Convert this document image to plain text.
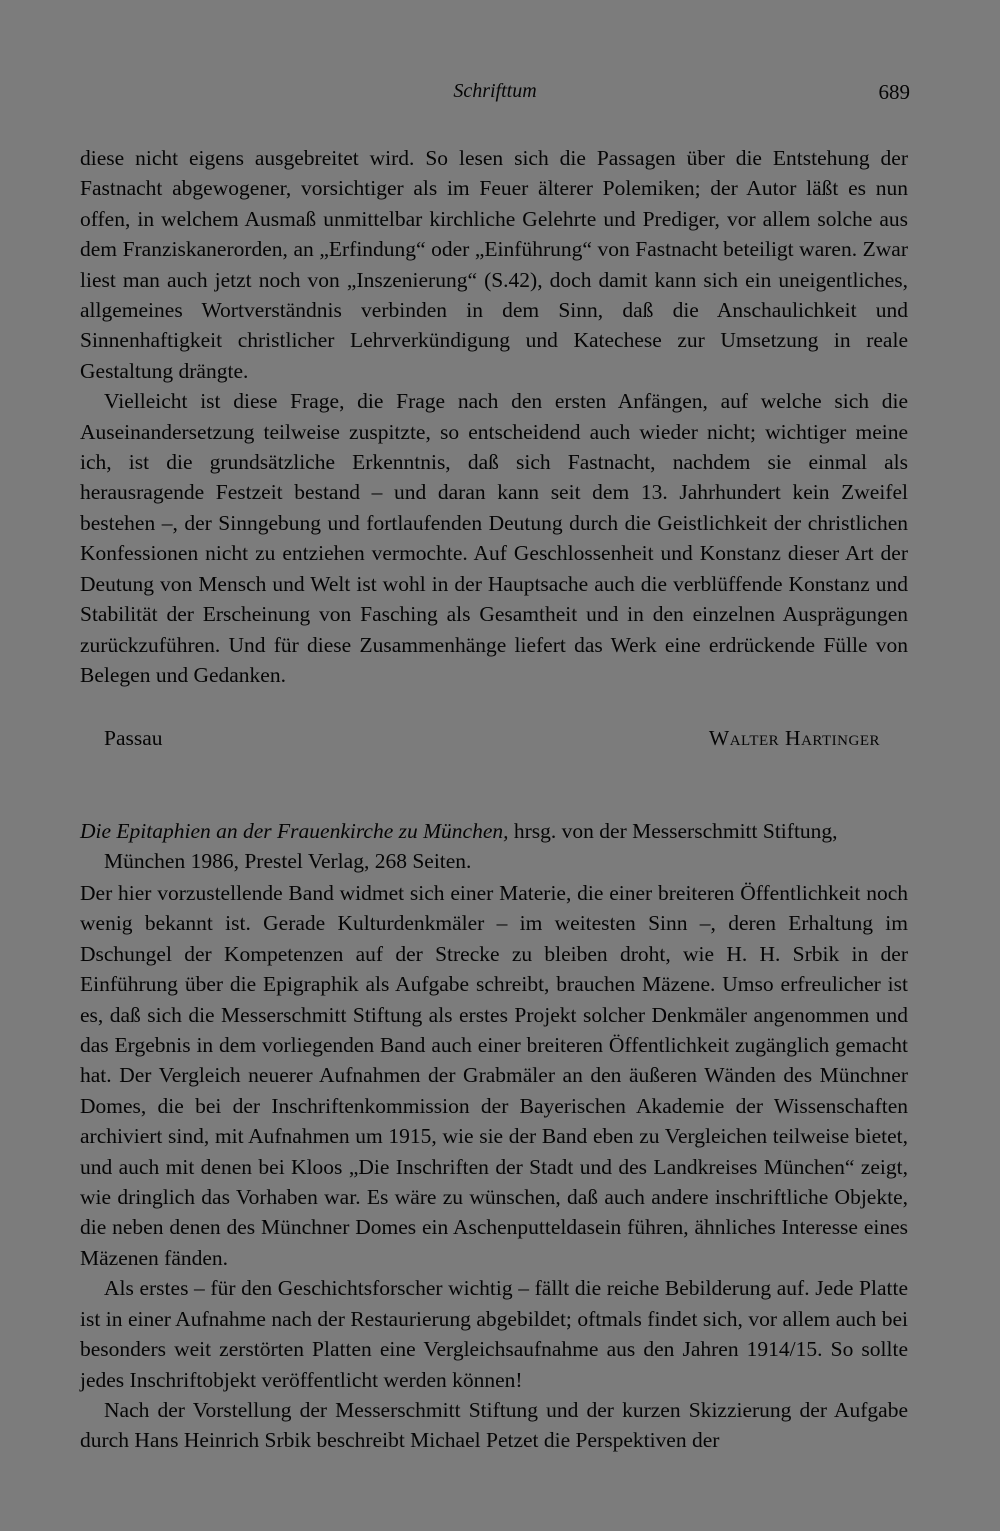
Schrifttum	689

diese nicht eigens ausgebreitet wird. So lesen sich die Passagen über die Entstehung der Fastnacht abgewogener, vorsichtiger als im Feuer älterer Polemiken; der Autor läßt es nun offen, in welchem Ausmaß unmittelbar kirchliche Gelehrte und Prediger, vor allem solche aus dem Franziskanerorden, an „Erfindung“ oder „Einführung“ von Fastnacht beteiligt waren. Zwar liest man auch jetzt noch von „Inszenierung“ (S.42), doch damit kann sich ein uneigentliches, allgemeines Wortverständnis verbinden in dem Sinn, daß die Anschaulichkeit und Sinnenhaftigkeit christlicher Lehrverkündigung und Katechese zur Umsetzung in reale Gestaltung drängte.

Vielleicht ist diese Frage, die Frage nach den ersten Anfängen, auf welche sich die Auseinandersetzung teilweise zuspitzte, so entscheidend auch wieder nicht; wichtiger meine ich, ist die grundsätzliche Erkenntnis, daß sich Fastnacht, nachdem sie einmal als herausragende Festzeit bestand – und daran kann seit dem 13. Jahrhundert kein Zweifel bestehen –, der Sinngebung und fortlaufenden Deutung durch die Geistlichkeit der christlichen Konfessionen nicht zu entziehen vermochte. Auf Geschlossenheit und Konstanz dieser Art der Deutung von Mensch und Welt ist wohl in der Hauptsache auch die verblüffende Konstanz und Stabilität der Erscheinung von Fasching als Gesamtheit und in den einzelnen Ausprägungen zurückzuführen. Und für diese Zusammenhänge liefert das Werk eine erdrückende Fülle von Belegen und Gedanken.

Passau	Walter Hartinger
Die Epitaphien an der Frauenkirche zu München, hrsg. von der Messerschmitt Stiftung,
München 1986, Prestel Verlag, 268 Seiten.

Der hier vorzustellende Band widmet sich einer Materie, die einer breiteren Öffentlichkeit noch wenig bekannt ist. Gerade Kulturdenkmäler – im weitesten Sinn –, deren Erhaltung im Dschungel der Kompetenzen auf der Strecke zu bleiben droht, wie H. H. Srbik in der Einführung über die Epigraphik als Aufgabe schreibt, brauchen Mäzene. Umso erfreulicher ist es, daß sich die Messerschmitt Stiftung als erstes Projekt solcher Denkmäler angenommen und das Ergebnis in dem vorliegenden Band auch einer breiteren Öffentlichkeit zugänglich gemacht hat. Der Vergleich neuerer Aufnahmen der Grabmäler an den äußeren Wänden des Münchner Domes, die bei der Inschriftenkommission der Bayerischen Akademie der Wissenschaften archiviert sind, mit Aufnahmen um 1915, wie sie der Band eben zu Vergleichen teilweise bietet, und auch mit denen bei Kloos „Die Inschriften der Stadt und des Landkreises München“ zeigt, wie dringlich das Vorhaben war. Es wäre zu wünschen, daß auch andere inschriftliche Objekte, die neben denen des Münchner Domes ein Aschenputteldasein führen, ähnliches Interesse eines Mäzenen fänden.

Als erstes – für den Geschichtsforscher wichtig – fällt die reiche Bebilderung auf. Jede Platte ist in einer Aufnahme nach der Restaurierung abgebildet; oftmals findet sich, vor allem auch bei besonders weit zerstörten Platten eine Vergleichsaufnahme aus den Jahren 1914/15. So sollte jedes Inschriftobjekt veröffentlicht werden können!

Nach der Vorstellung der Messerschmitt Stiftung und der kurzen Skizzierung der Aufgabe durch Hans Heinrich Srbik beschreibt Michael Petzet die Perspektiven der
